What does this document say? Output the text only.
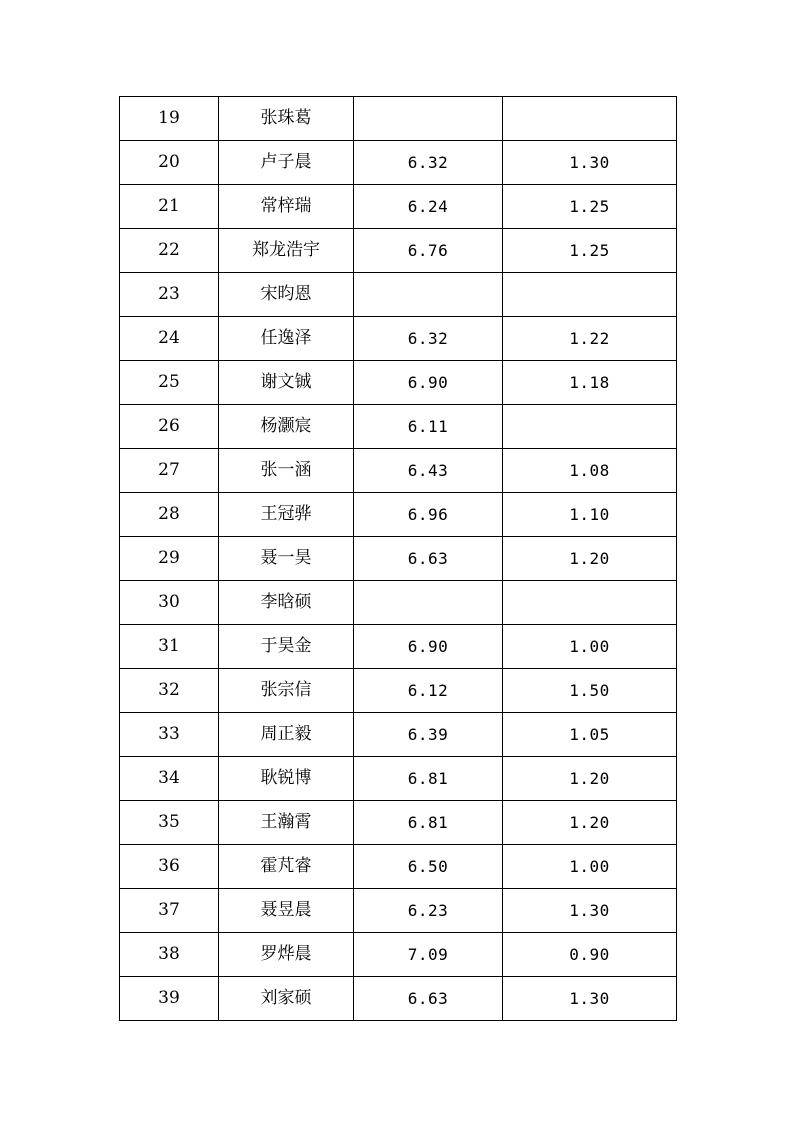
19	张珠葛		
20	卢子晨	6.32	1.30
21	常梓瑞	6.24	1.25
22	郑龙浩宇	6.76	1.25
23	宋昀恩		
24	任逸泽	6.32	1.22
25	谢文铖	6.90	1.18
26	杨灏宸	6.11	
27	张一涵	6.43	1.08
28	王冠骅	6.96	1.10
29	聂一昊	6.63	1.20
30	李晗硕		
31	于昊金	6.90	1.00
32	张宗信	6.12	1.50
33	周正毅	6.39	1.05
34	耿锐博	6.81	1.20
35	王瀚霄	6.81	1.20
36	霍芃睿	6.50	1.00
37	聂昱晨	6.23	1.30
38	罗烨晨	7.09	0.90
39	刘家硕	6.63	1.30
